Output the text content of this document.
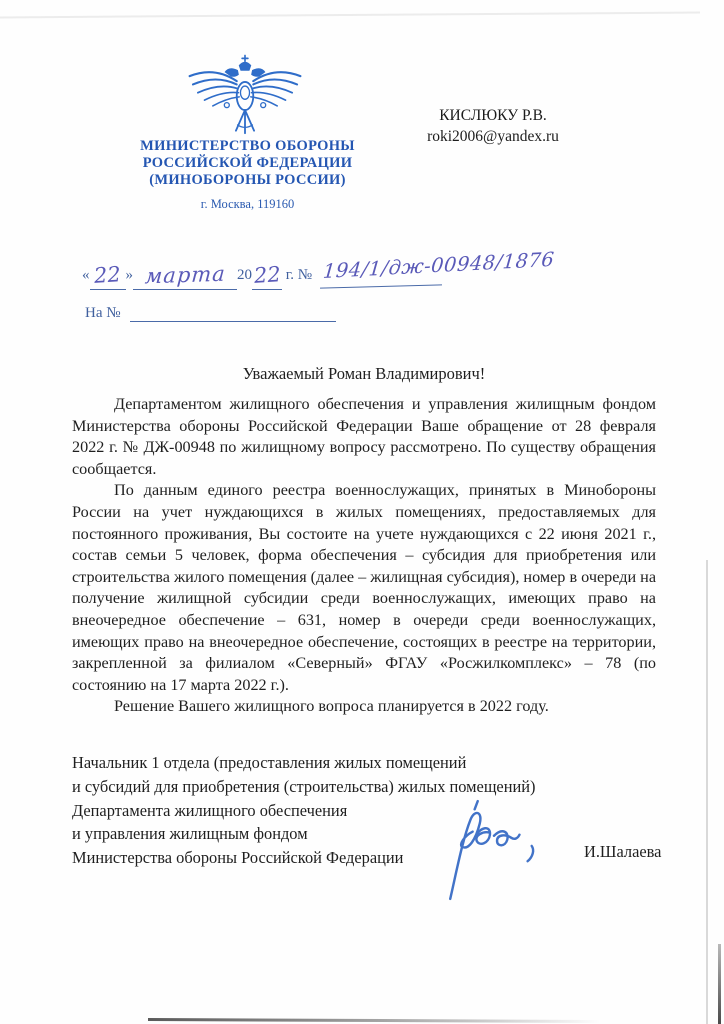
МИНИСТЕРСТВО ОБОРОНЫ
РОССИЙСКОЙ ФЕДЕРАЦИИ
(МИНОБОРОНЫ РОССИИ)
г. Москва, 119160
КИСЛЮКУ Р.В.
roki2006@yandex.ru
« 22 » марта 20 22 г. № 194/1/дж-00948/1876
На №
Уважаемый Роман Владимирович!

Департаментом жилищного обеспечения и управления жилищным фондом Министерства обороны Российской Федерации Ваше обращение от 28 февраля 2022 г. № ДЖ-00948 по жилищному вопросу рассмотрено. По существу обращения сообщается.

По данным единого реестра военнослужащих, принятых в Минобороны России на учет нуждающихся в жилых помещениях, предоставляемых для постоянного проживания, Вы состоите на учете нуждающихся с 22 июня 2021 г., состав семьи 5 человек, форма обеспечения – субсидия для приобретения или строительства жилого помещения (далее – жилищная субсидия), номер в очереди на получение жилищной субсидии среди военнослужащих, имеющих право на внеочередное обеспечение – 631, номер в очереди среди военнослужащих, имеющих право на внеочередное обеспечение, состоящих в реестре на территории, закрепленной за филиалом «Северный» ФГАУ «Росжилкомплекс» – 78 (по состоянию на 17 марта 2022 г.).

Решение Вашего жилищного вопроса планируется в 2022 году.

Начальник 1 отдела (предоставления жилых помещений
и субсидий для приобретения (строительства) жилых помещений)
Департамента жилищного обеспечения
и управления жилищным фондом
Министерства обороны Российской Федерации	И.Шалаева
